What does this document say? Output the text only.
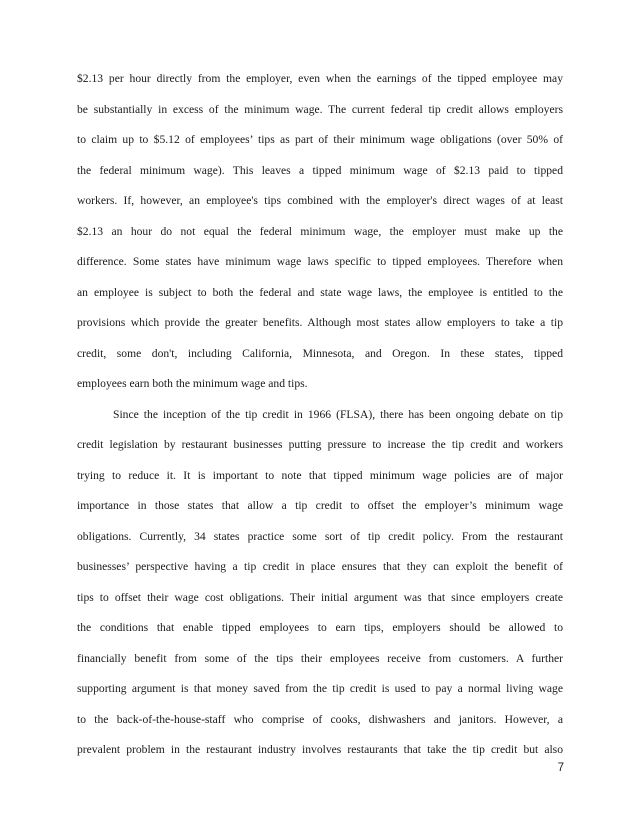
$2.13 per hour directly from the employer, even when the earnings of the tipped employee may
be substantially in excess of the minimum wage. The current federal tip credit allows employers
to claim up to $5.12 of employees’ tips as part of their minimum wage obligations (over 50% of
the federal minimum wage). This leaves a tipped minimum wage of $2.13 paid to tipped
workers. If, however, an employee's tips combined with the employer's direct wages of at least
$2.13 an hour do not equal the federal minimum wage, the employer must make up the
difference. Some states have minimum wage laws specific to tipped employees. Therefore when
an employee is subject to both the federal and state wage laws, the employee is entitled to the
provisions which provide the greater benefits. Although most states allow employers to take a tip
credit, some don't, including California, Minnesota, and Oregon. In these states, tipped
employees earn both the minimum wage and tips.
Since the inception of the tip credit in 1966 (FLSA), there has been ongoing debate on tip
credit legislation by restaurant businesses putting pressure to increase the tip credit and workers
trying to reduce it. It is important to note that tipped minimum wage policies are of major
importance in those states that allow a tip credit to offset the employer’s minimum wage
obligations. Currently, 34 states practice some sort of tip credit policy. From the restaurant
businesses’ perspective having a tip credit in place ensures that they can exploit the benefit of
tips to offset their wage cost obligations. Their initial argument was that since employers create
the conditions that enable tipped employees to earn tips, employers should be allowed to
financially benefit from some of the tips their employees receive from customers. A further
supporting argument is that money saved from the tip credit is used to pay a normal living wage
to the back-of-the-house-staff who comprise of cooks, dishwashers and janitors. However, a
prevalent problem in the restaurant industry involves restaurants that take the tip credit but also
7
